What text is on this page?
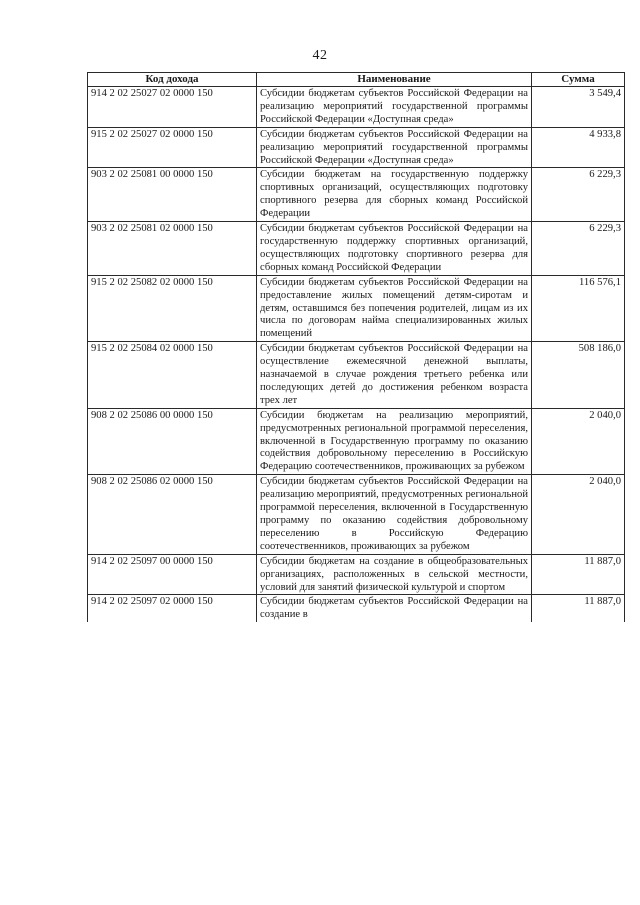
42
Код дохода	Наименование	Сумма
914 2 02 25027 02 0000 150	Субсидии бюджетам субъектов Российской Федерации на реализацию мероприятий государственной программы Российской Федерации «Доступная среда»	3 549,4
915 2 02 25027 02 0000 150	Субсидии бюджетам субъектов Российской Федерации на реализацию мероприятий государственной программы Российской Федерации «Доступная среда»	4 933,8
903 2 02 25081 00 0000 150	Субсидии бюджетам на государственную поддержку спортивных организаций, осуществляющих подготовку спортивного резерва для сборных команд Российской Федерации	6 229,3
903 2 02 25081 02 0000 150	Субсидии бюджетам субъектов Российской Федерации на государственную поддержку спортивных организаций, осуществляющих подготовку спортивного резерва для сборных команд Российской Федерации	6 229,3
915 2 02 25082 02 0000 150	Субсидии бюджетам субъектов Российской Федерации на предоставление жилых помещений детям-сиротам и детям, оставшимся без попечения родителей, лицам из их числа по договорам найма специализированных жилых помещений	116 576,1
915 2 02 25084 02 0000 150	Субсидии бюджетам субъектов Российской Федерации на осуществление ежемесячной денежной выплаты, назначаемой в случае рождения третьего ребенка или последующих детей до достижения ребенком возраста трех лет	508 186,0
908 2 02 25086 00 0000 150	Субсидии бюджетам на реализацию мероприятий, предусмотренных региональной программой переселения, включенной в Государственную программу по оказанию содействия добровольному переселению в Российскую Федерацию соотечественников, проживающих за рубежом	2 040,0
908 2 02 25086 02 0000 150	Субсидии бюджетам субъектов Российской Федерации на реализацию мероприятий, предусмотренных региональной программой переселения, включенной в Государственную программу по оказанию содействия добровольному переселению в Российскую Федерацию соотечественников, проживающих за рубежом	2 040,0
914 2 02 25097 00 0000 150	Субсидии бюджетам на создание в общеобразовательных организациях, расположенных в сельской местности, условий для занятий физической культурой и спортом	11 887,0
914 2 02 25097 02 0000 150	Субсидии бюджетам субъектов Российской Федерации на создание в	11 887,0
